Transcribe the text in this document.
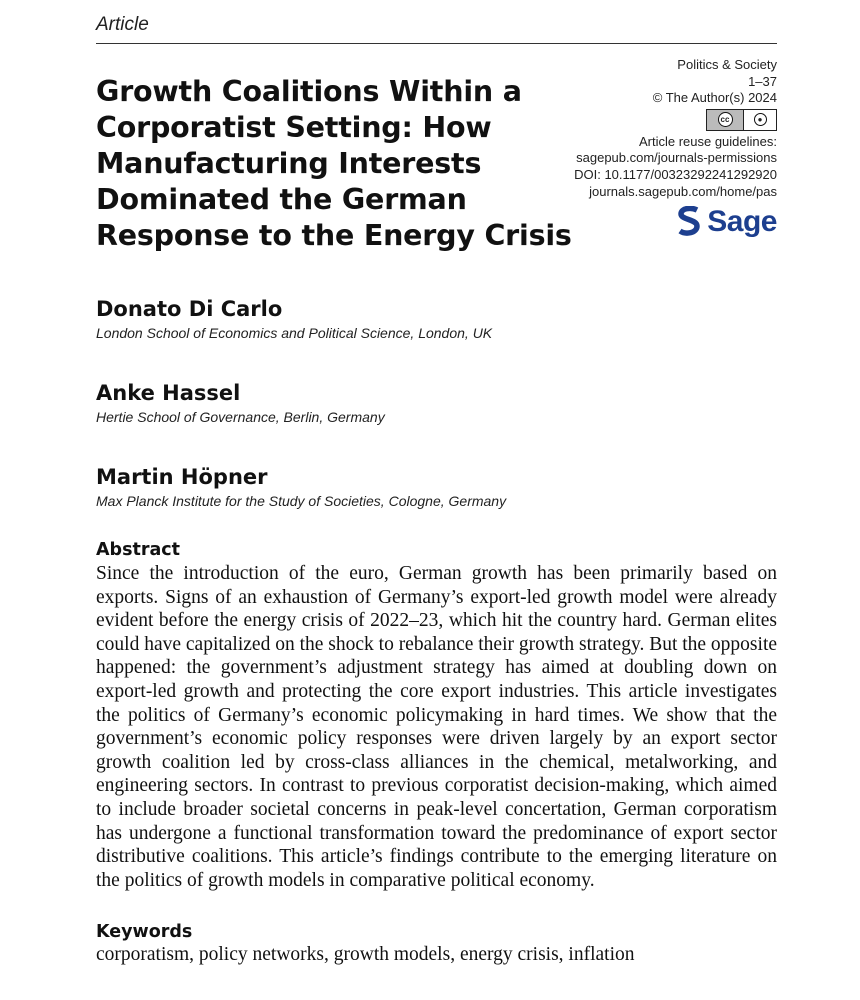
Article
Growth Coalitions Within a
Corporatist Setting: How
Manufacturing Interests
Dominated the German
Response to the Energy Crisis
Politics & Society
1–37
© The Author(s) 2024
cc	●
Article reuse guidelines:
sagepub.com/journals-permissions
DOI: 10.1177/00323292241292920
journals.sagepub.com/home/pas
Sage
Donato Di Carlo
London School of Economics and Political Science, London, UK
Anke Hassel
Hertie School of Governance, Berlin, Germany
Martin Höpner
Max Planck Institute for the Study of Societies, Cologne, Germany
Abstract

Since the introduction of the euro, German growth has been primarily based on exports. Signs of an exhaustion of Germany’s export-led growth model were already evident before the energy crisis of 2022–23, which hit the country hard. German elites could have capitalized on the shock to rebalance their growth strategy. But the opposite happened: the government’s adjustment strategy has aimed at doubling down on export-led growth and protecting the core export industries. This article investigates the politics of Germany’s economic policymaking in hard times. We show that the government’s economic policy responses were driven largely by an export sector growth coalition led by cross-class alliances in the chemical, metalworking, and engineering sectors. In contrast to previous corporatist decision-making, which aimed to include broader societal concerns in peak-level concertation, German corporatism has undergone a functional transformation toward the predominance of export sector distributive coalitions. This article’s findings contribute to the emerging literature on the politics of growth models in comparative political economy.

Keywords

corporatism, policy networks, growth models, energy crisis, inflation
